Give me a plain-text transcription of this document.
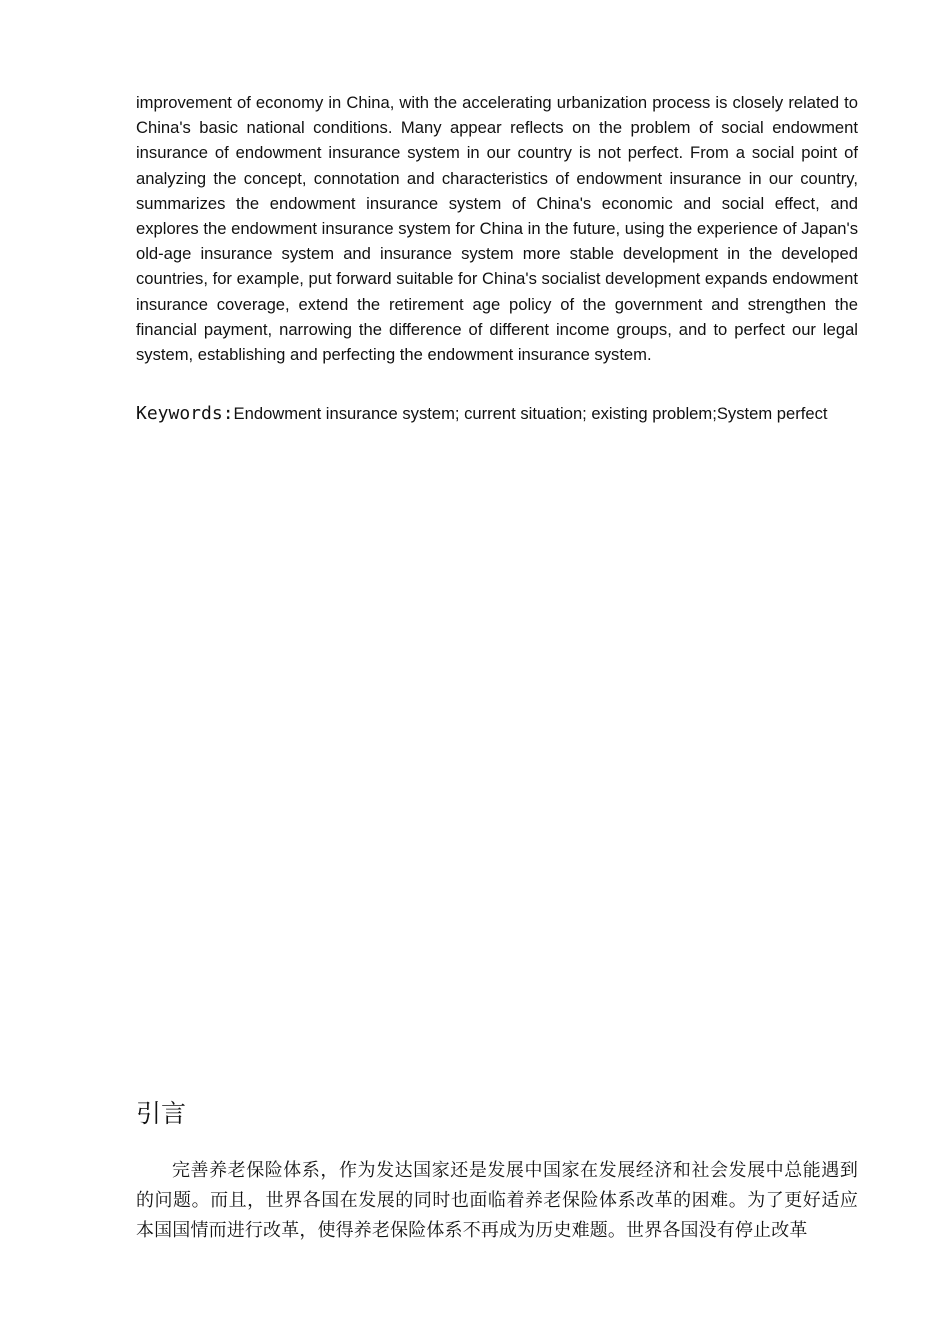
improvement of economy in China, with the accelerating urbanization process is closely related to China's basic national conditions. Many appear reflects on the problem of social endowment insurance of endowment insurance system in our country is not perfect. From a social point of analyzing the concept, connotation and characteristics of endowment insurance in our country, summarizes the endowment insurance system of China's economic and social effect, and explores the endowment insurance system for China in the future, using the experience of Japan's old-age insurance system and insurance system more stable development in the developed countries, for example, put forward suitable for China's socialist development expands endowment insurance coverage, extend the retirement age policy of the government and strengthen the financial payment, narrowing the difference of different income groups, and to perfect our legal system, establishing and perfecting the endowment insurance system.

Keywords:Endowment insurance system; current situation; existing problem;System perfect

引言

完善养老保险体系，作为发达国家还是发展中国家在发展经济和社会发展中总能遇到的问题。而且，世界各国在发展的同时也面临着养老保险体系改革的困难。为了更好适应本国国情而进行改革，使得养老保险体系不再成为历史难题。世界各国没有停止改革
